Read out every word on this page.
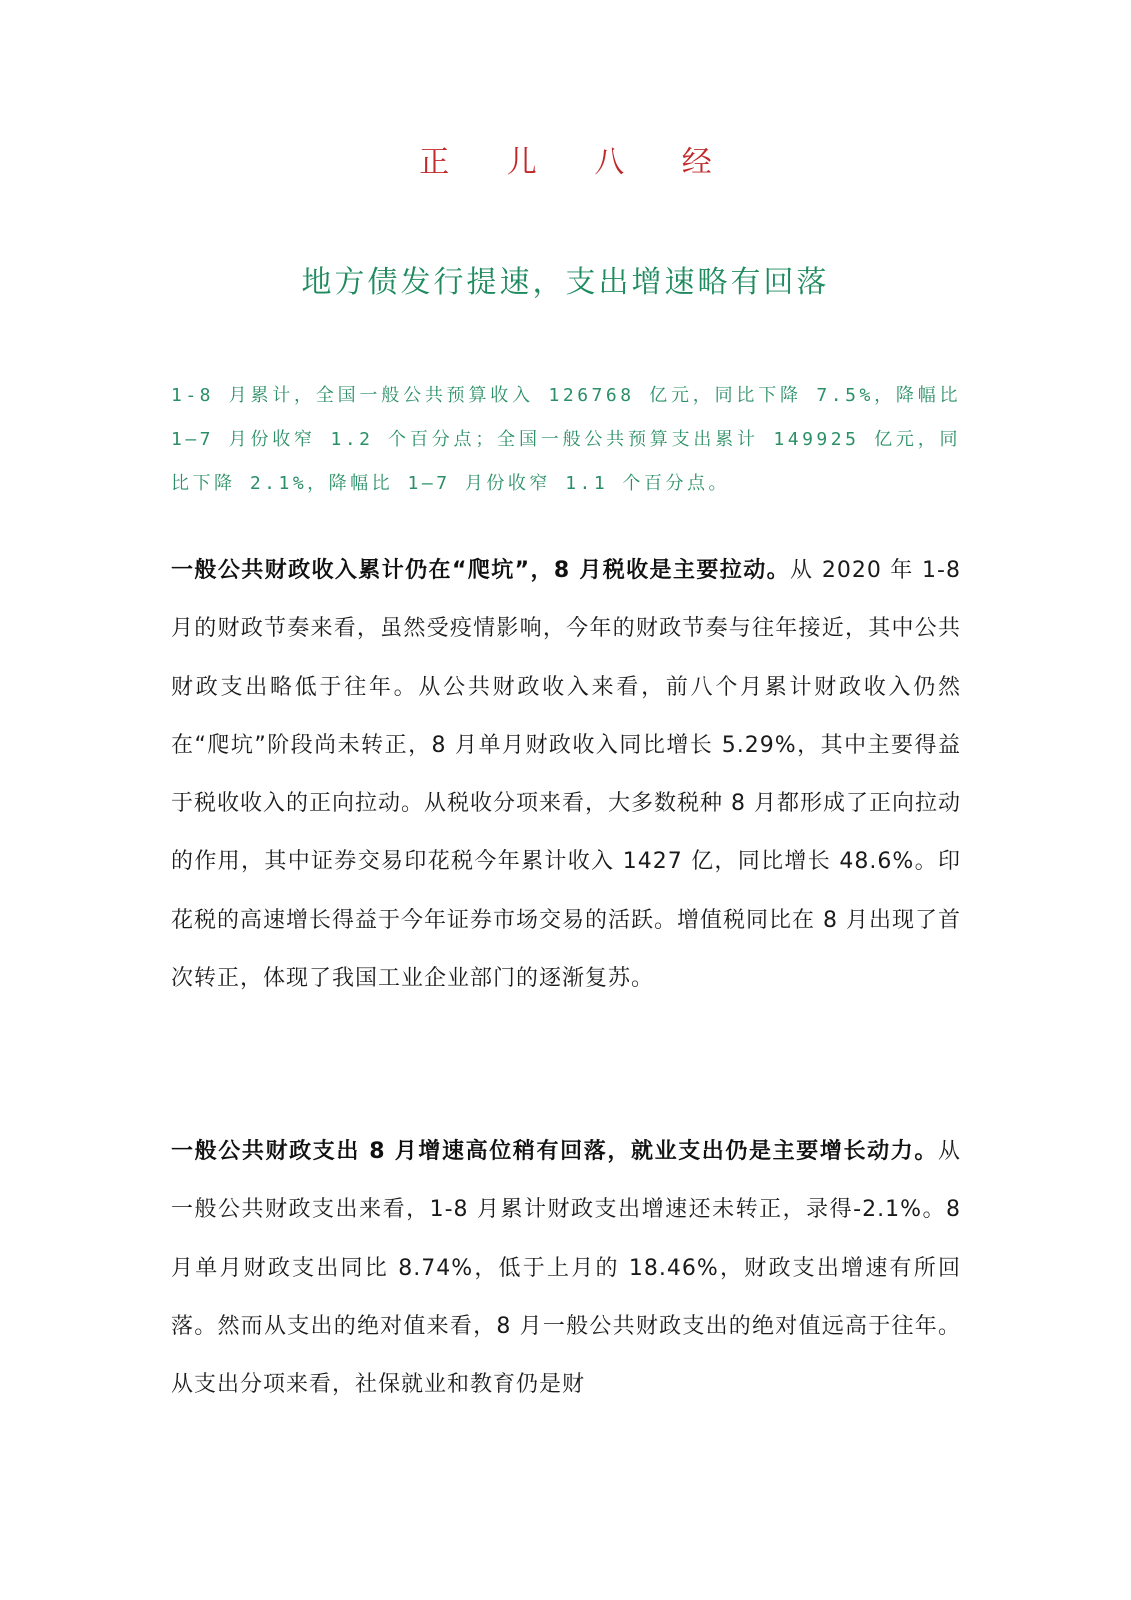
正 儿 八 经
地方债发行提速，支出增速略有回落
1-8 月累计，全国一般公共预算收入 126768 亿元，同比下降 7.5%，降幅比 1—7 月份收窄 1.2 个百分点；全国一般公共预算支出累计 149925 亿元，同比下降 2.1%，降幅比 1—7 月份收窄 1.1 个百分点。
一般公共财政收入累计仍在“爬坑”，8 月税收是主要拉动。从 2020 年 1-8 月的财政节奏来看，虽然受疫情影响，今年的财政节奏与往年接近，其中公共财政支出略低于往年。从公共财政收入来看，前八个月累计财政收入仍然在“爬坑”阶段尚未转正，8 月单月财政收入同比增长 5.29%，其中主要得益于税收收入的正向拉动。从税收分项来看，大多数税种 8 月都形成了正向拉动的作用，其中证券交易印花税今年累计收入 1427 亿，同比增长 48.6%。印花税的高速增长得益于今年证券市场交易的活跃。增值税同比在 8 月出现了首次转正，体现了我国工业企业部门的逐渐复苏。
一般公共财政支出 8 月增速高位稍有回落，就业支出仍是主要增长动力。从一般公共财政支出来看，1-8 月累计财政支出增速还未转正，录得-2.1%。8 月单月财政支出同比 8.74%，低于上月的 18.46%，财政支出增速有所回落。然而从支出的绝对值来看，8 月一般公共财政支出的绝对值远高于往年。从支出分项来看，社保就业和教育仍是财
